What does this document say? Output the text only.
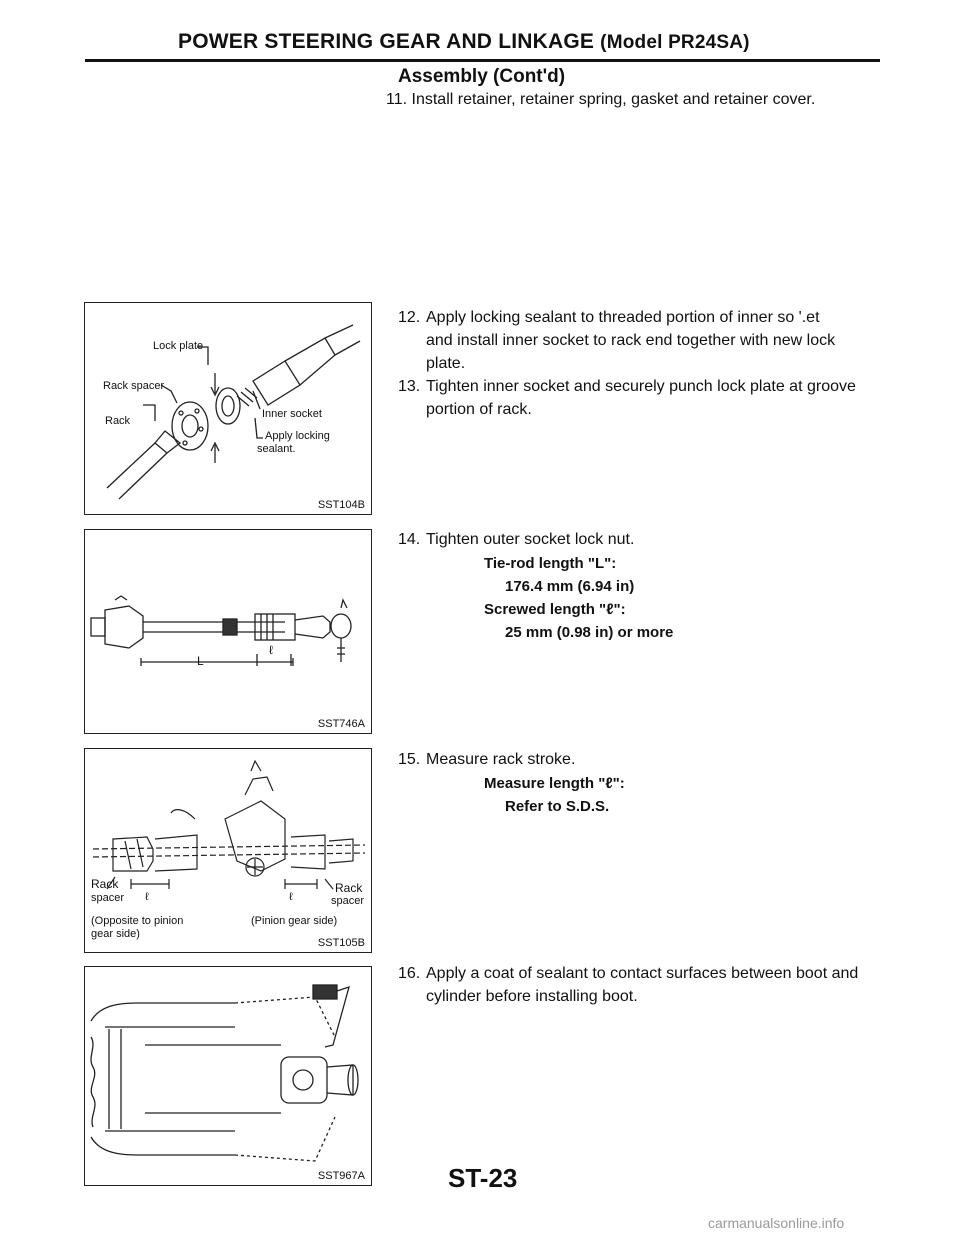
POWER STEERING GEAR AND LINKAGE (Model PR24SA)
Assembly (Cont'd)
11. Install retainer, retainer spring, gasket and retainer cover.
12. Apply locking sealant to threaded portion of inner so '.et
and install inner socket to rack end together with new lock
plate.
13. Tighten inner socket and securely punch lock plate at groove
portion of rack.
14. Tighten outer socket lock nut.
Tie-rod length "L":
176.4 mm (6.94 in)
Screwed length "ℓ":
25 mm (0.98 in) or more
15. Measure rack stroke.
Measure length "ℓ":
Refer to S.D.S.
16. Apply a coat of sealant to contact surfaces between boot and
cylinder before installing boot.
Lock plate
Rack spacer
Rack
Inner socket
Apply locking
sealant.
SST104B
L
ℓ
SST746A
Rack
spacer ℓ	ℓ
Rack
spacer
(Opposite to pinion
gear side)
(Pinion gear side)
SST105B
SST967A	ST-23
carmanualsonline.info
